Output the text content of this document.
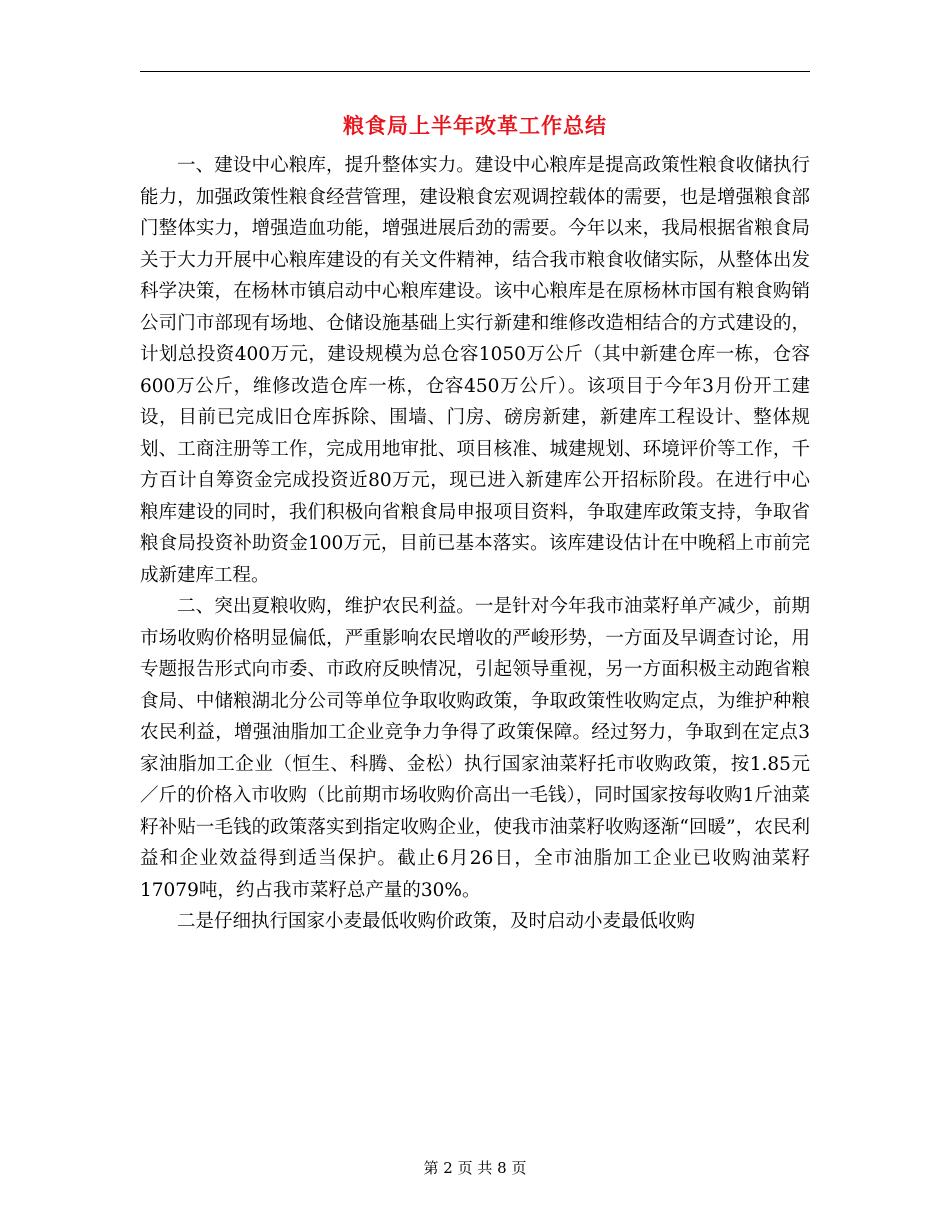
粮食局上半年改革工作总结

一、建设中心粮库，提升整体实力。建设中心粮库是提高政策性粮食收储执行能力，加强政策性粮食经营管理，建设粮食宏观调控载体的需要，也是增强粮食部门整体实力，增强造血功能，增强进展后劲的需要。今年以来，我局根据省粮食局关于大力开展中心粮库建设的有关文件精神，结合我市粮食收储实际，从整体出发科学决策，在杨林市镇启动中心粮库建设。该中心粮库是在原杨林市国有粮食购销公司门市部现有场地、仓储设施基础上实行新建和维修改造相结合的方式建设的，计划总投资400万元，建设规模为总仓容1050万公斤（其中新建仓库一栋，仓容600万公斤，维修改造仓库一栋，仓容450万公斤）。该项目于今年3月份开工建设，目前已完成旧仓库拆除、围墙、门房、磅房新建，新建库工程设计、整体规划、工商注册等工作，完成用地审批、项目核准、城建规划、环境评价等工作，千方百计自筹资金完成投资近80万元，现已进入新建库公开招标阶段。在进行中心粮库建设的同时，我们积极向省粮食局申报项目资料，争取建库政策支持，争取省粮食局投资补助资金100万元，目前已基本落实。该库建设估计在中晚稻上市前完成新建库工程。

二、突出夏粮收购，维护农民利益。一是针对今年我市油菜籽单产减少，前期市场收购价格明显偏低，严重影响农民增收的严峻形势，一方面及早调查讨论，用专题报告形式向市委、市政府反映情况，引起领导重视，另一方面积极主动跑省粮食局、中储粮湖北分公司等单位争取收购政策，争取政策性收购定点，为维护种粮农民利益，增强油脂加工企业竞争力争得了政策保障。经过努力，争取到在定点3家油脂加工企业（恒生、科腾、金松）执行国家油菜籽托市收购政策，按1.85元／斤的价格入市收购（比前期市场收购价高出一毛钱），同时国家按每收购1斤油菜籽补贴一毛钱的政策落实到指定收购企业，使我市油菜籽收购逐渐“回暖”，农民利益和企业效益得到适当保护。截止6月26日，全市油脂加工企业已收购油菜籽17079吨，约占我市菜籽总产量的30%。

二是仔细执行国家小麦最低收购价政策，及时启动小麦最低收购

第 2 页 共 8 页
